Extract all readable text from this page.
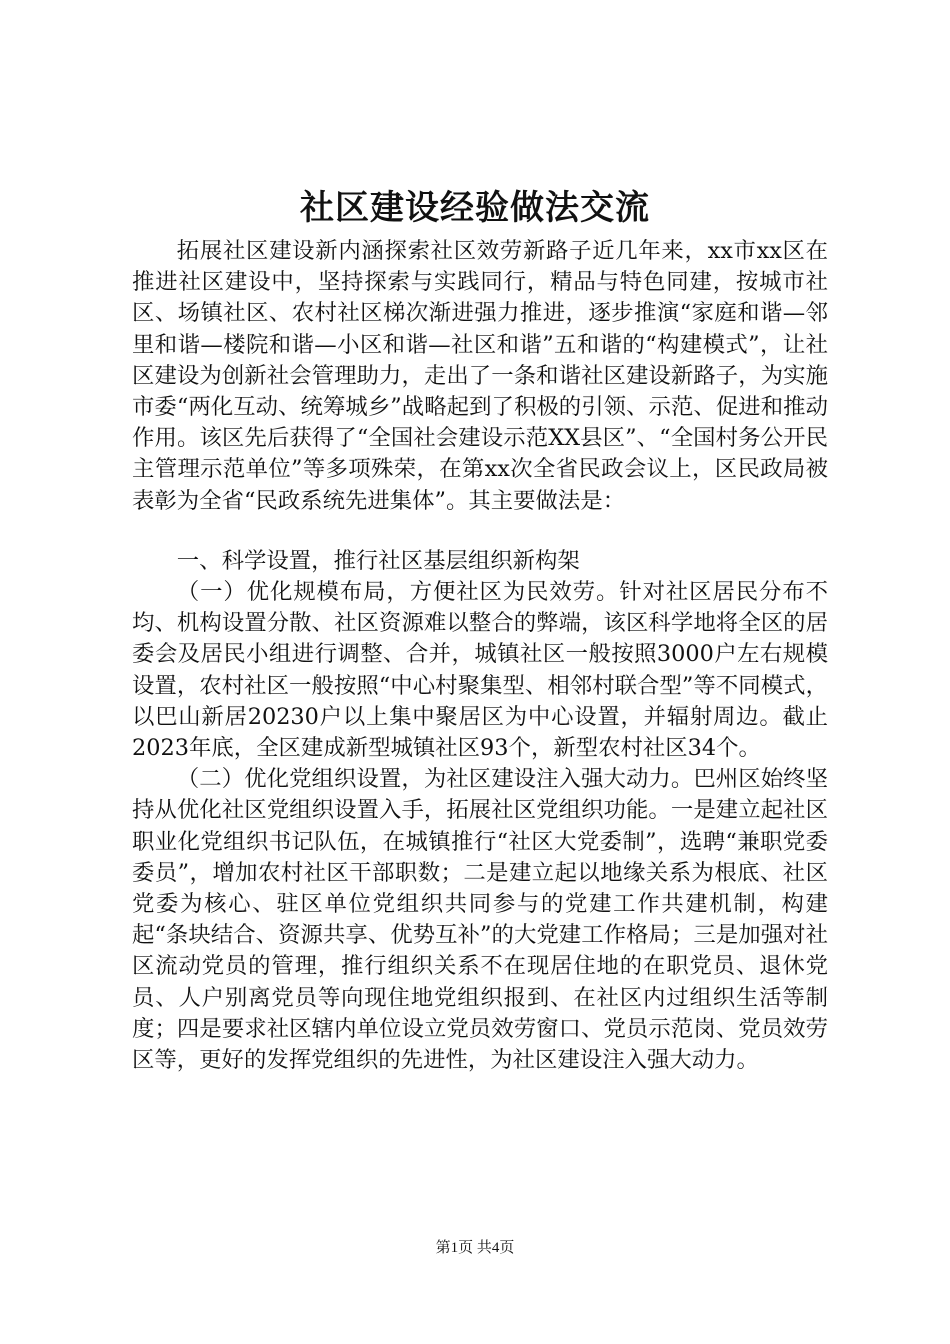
社区建设经验做法交流

拓展社区建设新内涵探索社区效劳新路子近几年来，xx市xx区在推进社区建设中，坚持探索与实践同行，精品与特色同建，按城市社区、场镇社区、农村社区梯次渐进强力推进，逐步推演“家庭和谐—邻里和谐—楼院和谐—小区和谐—社区和谐”五和谐的“构建模式”，让社区建设为创新社会管理助力，走出了一条和谐社区建设新路子，为实施市委“两化互动、统筹城乡”战略起到了积极的引领、示范、促进和推动作用。该区先后获得了“全国社会建设示范XX县区”、“全国村务公开民主管理示范单位”等多项殊荣，在第xx次全省民政会议上，区民政局被表彰为全省“民政系统先进集体”。其主要做法是：

一、科学设置，推行社区基层组织新构架

（一）优化规模布局，方便社区为民效劳。针对社区居民分布不均、机构设置分散、社区资源难以整合的弊端，该区科学地将全区的居委会及居民小组进行调整、合并，城镇社区一般按照3000户左右规模设置，农村社区一般按照“中心村聚集型、相邻村联合型”等不同模式，以巴山新居20230户以上集中聚居区为中心设置，并辐射周边。截止2023年底，全区建成新型城镇社区93个，新型农村社区34个。

（二）优化党组织设置，为社区建设注入强大动力。巴州区始终坚持从优化社区党组织设置入手，拓展社区党组织功能。一是建立起社区职业化党组织书记队伍，在城镇推行“社区大党委制”，选聘“兼职党委委员”，增加农村社区干部职数；二是建立起以地缘关系为根底、社区党委为核心、驻区单位党组织共同参与的党建工作共建机制，构建起“条块结合、资源共享、优势互补”的大党建工作格局；三是加强对社区流动党员的管理，推行组织关系不在现居住地的在职党员、退休党员、人户别离党员等向现住地党组织报到、在社区内过组织生活等制度；四是要求社区辖内单位设立党员效劳窗口、党员示范岗、党员效劳区等，更好的发挥党组织的先进性，为社区建设注入强大动力。

第1页 共4页
